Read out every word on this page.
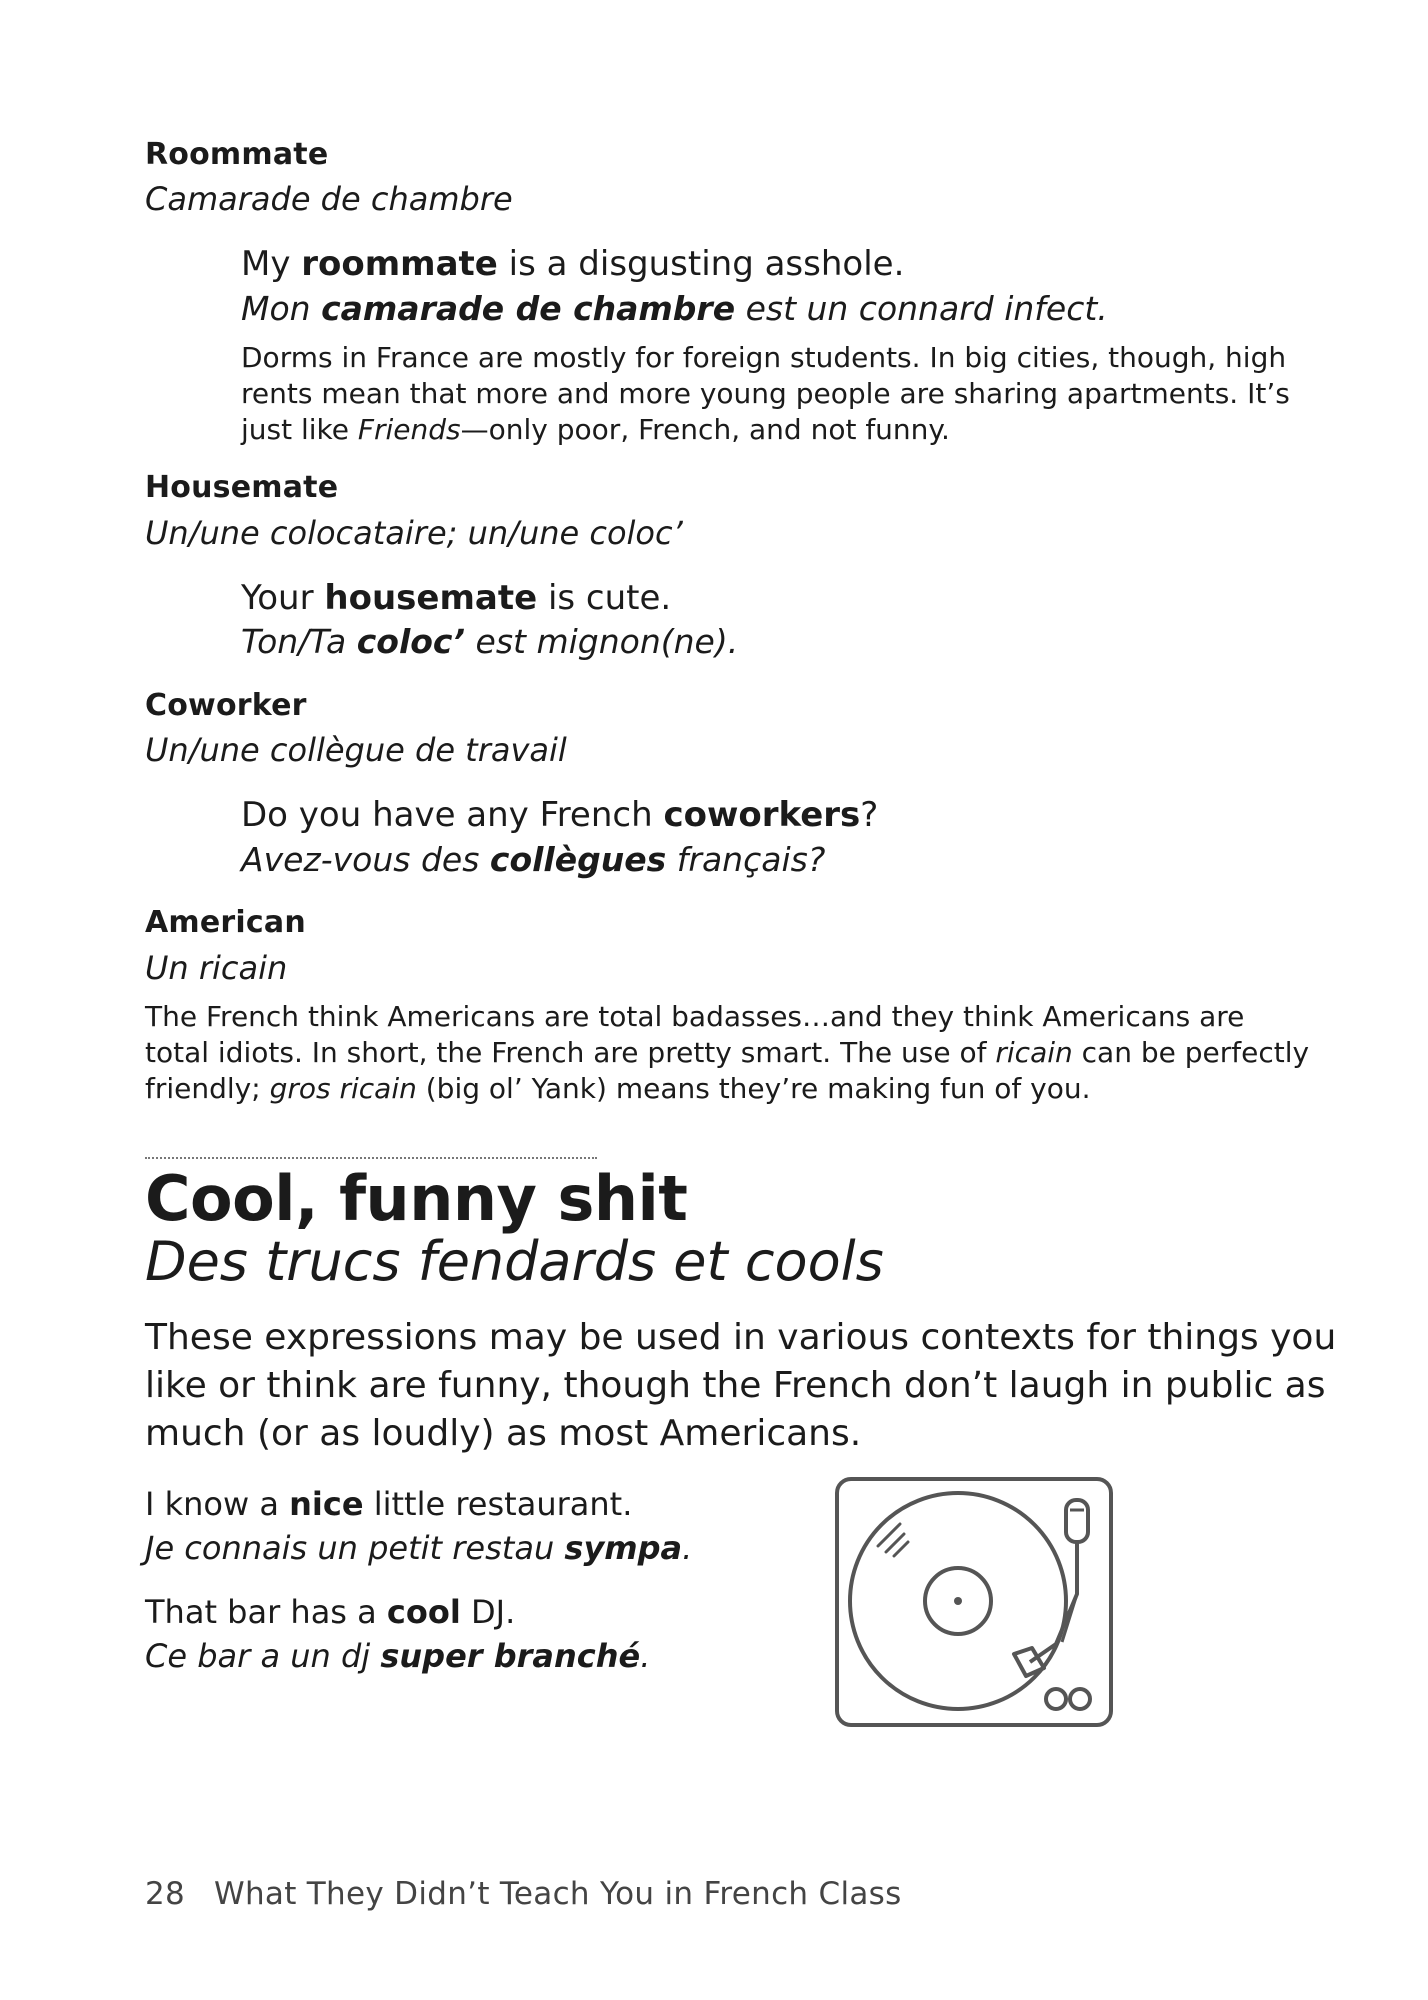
Roommate
Camarade de chambre
My roommate is a disgusting asshole.
Mon camarade de chambre est un connard infect.
Dorms in France are mostly for foreign students. In big cities, though, high
rents mean that more and more young people are sharing apartments. It’s
just like Friends—only poor, French, and not funny.
Housemate
Un/une colocataire; un/une coloc’
Your housemate is cute.
Ton/Ta coloc’ est mignon(ne).
Coworker
Un/une collègue de travail
Do you have any French coworkers?
Avez-vous des collègues français?
American
Un ricain
The French think Americans are total badasses…and they think Americans are
total idiots. In short, the French are pretty smart. The use of ricain can be perfectly
friendly; gros ricain (big ol’ Yank) means they’re making fun of you.
Cool, funny shit
Des trucs fendards et cools
These expressions may be used in various contexts for things you
like or think are funny, though the French don’t laugh in public as
much (or as loudly) as most Americans.
I know a nice little restaurant.
Je connais un petit restau sympa.
That bar has a cool DJ.
Ce bar a un dj super branché.
28 What They Didn’t Teach You in French Class
